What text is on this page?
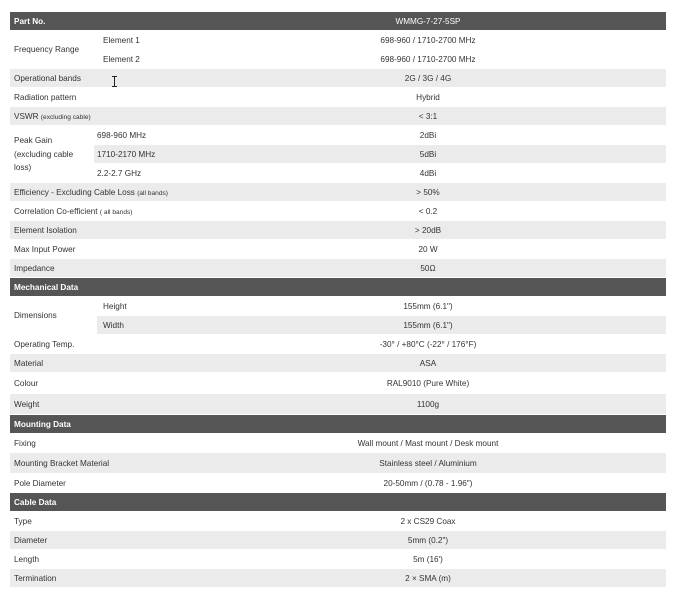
Part No.	WMMG-7-27-5SP
Frequency Range
Element 1	698-960 / 1710-2700 MHz
Element 2	698-960 / 1710-2700 MHz
Operational bands	2G / 3G / 4G
Radiation pattern	Hybrid
VSWR (excluding cable)	< 3:1
Peak Gain
(excluding cable
loss)
698-960 MHz	2dBi
1710-2170 MHz	5dBi
2.2-2.7 GHz	4dBi
Efficiency - Excluding Cable Loss (all bands)	> 50%
Correlation Co-efficient ( all bands)	< 0.2
Element Isolation	> 20dB
Max Input Power	20 W
Impedance	50Ω
Mechanical Data
Dimensions
Height	155mm (6.1")
Width	155mm (6.1")
Operating Temp.	-30° / +80°C (-22° / 176°F)
Material	ASA
Colour	RAL9010 (Pure White)
Weight	1100g
Mounting Data
Fixing	Wall mount / Mast mount / Desk mount
Mounting Bracket Material	Stainless steel / Aluminium
Pole Diameter	20-50mm / (0.78 - 1.96")
Cable Data
Type	2 x CS29 Coax
Diameter	5mm (0.2")
Length	5m (16')
Termination	2 × SMA (m)
